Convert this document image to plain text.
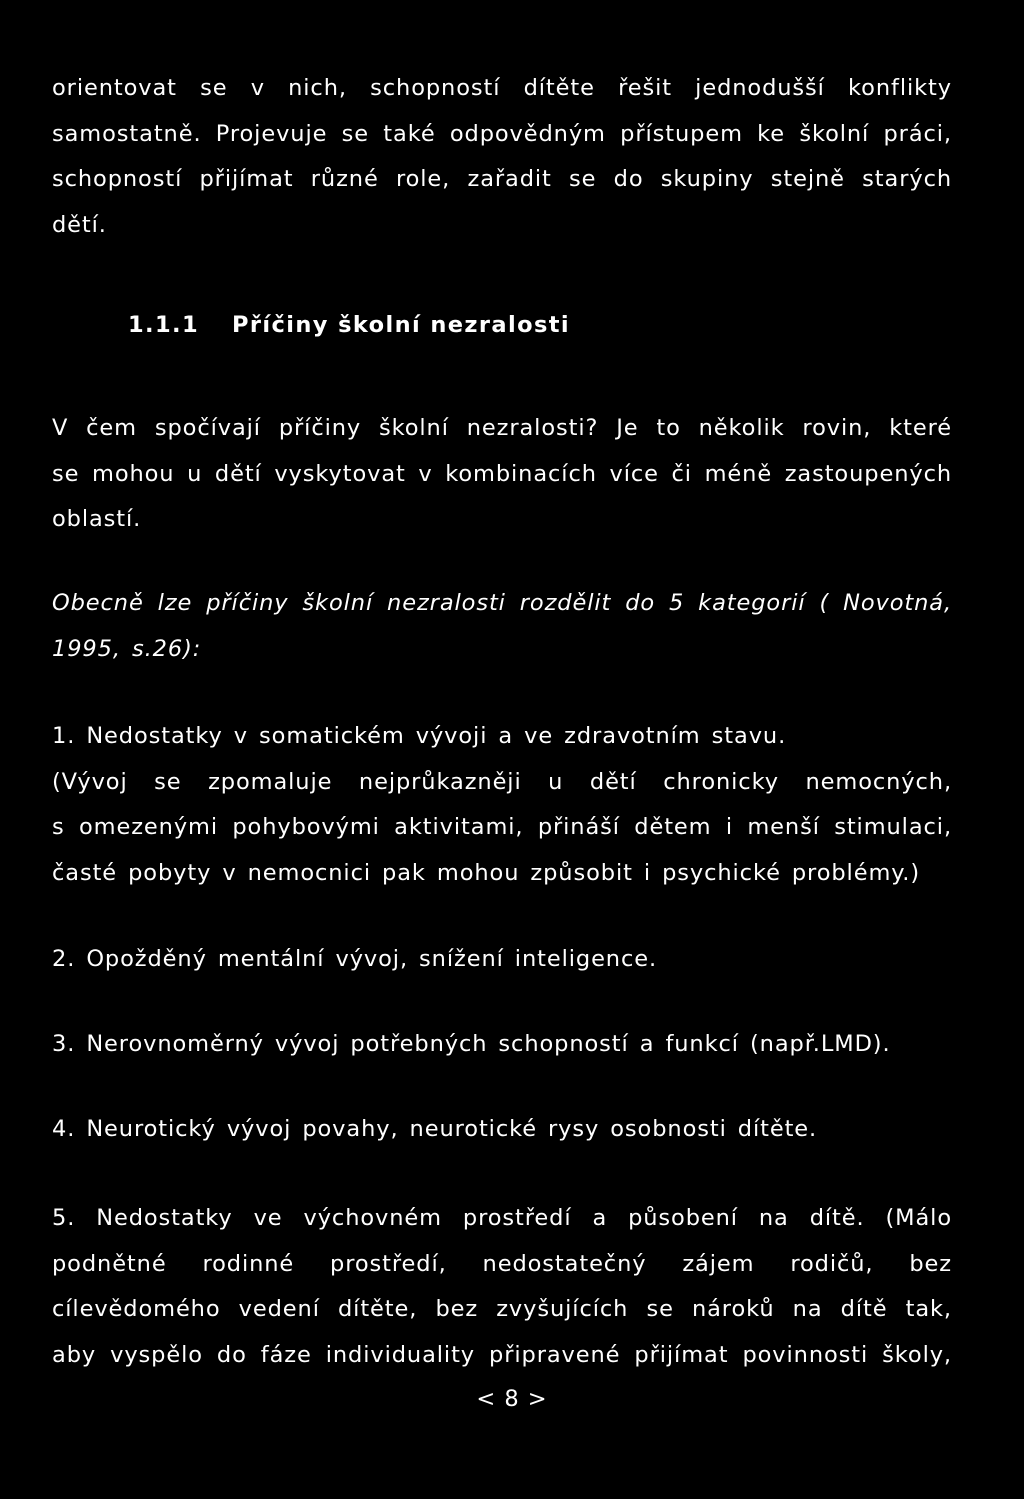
orientovat se v nich, schopností dítěte řešit jednodušší konflikty
samostatně. Projevuje se také odpovědným přístupem ke školní práci,
schopností přijímat různé role, zařadit se do skupiny stejně starých
dětí.

1.1.1 Příčiny školní nezralosti

V čem spočívají příčiny školní nezralosti? Je to několik rovin, které
se mohou u dětí vyskytovat v kombinacích více či méně zastoupených
oblastí.

Obecně lze příčiny školní nezralosti rozdělit do 5 kategorií ( Novotná,
1995, s.26):

1. Nedostatky v somatickém vývoji a ve zdravotním stavu.
(Vývoj se zpomaluje nejprůkazněji u dětí chronicky nemocných,
s omezenými pohybovými aktivitami, přináší dětem i menší stimulaci,
časté pobyty v nemocnici pak mohou způsobit i psychické problémy.)

2. Opožděný mentální vývoj, snížení inteligence.

3. Nerovnoměrný vývoj potřebných schopností a funkcí (např.LMD).

4. Neurotický vývoj povahy, neurotické rysy osobnosti dítěte.

5. Nedostatky ve výchovném prostředí a působení na dítě. (Málo
podnětné rodinné prostředí, nedostatečný zájem rodičů, bez
cílevědomého vedení dítěte, bez zvyšujících se nároků na dítě tak,
aby vyspělo do fáze individuality připravené přijímat povinnosti školy,

< 8 >
